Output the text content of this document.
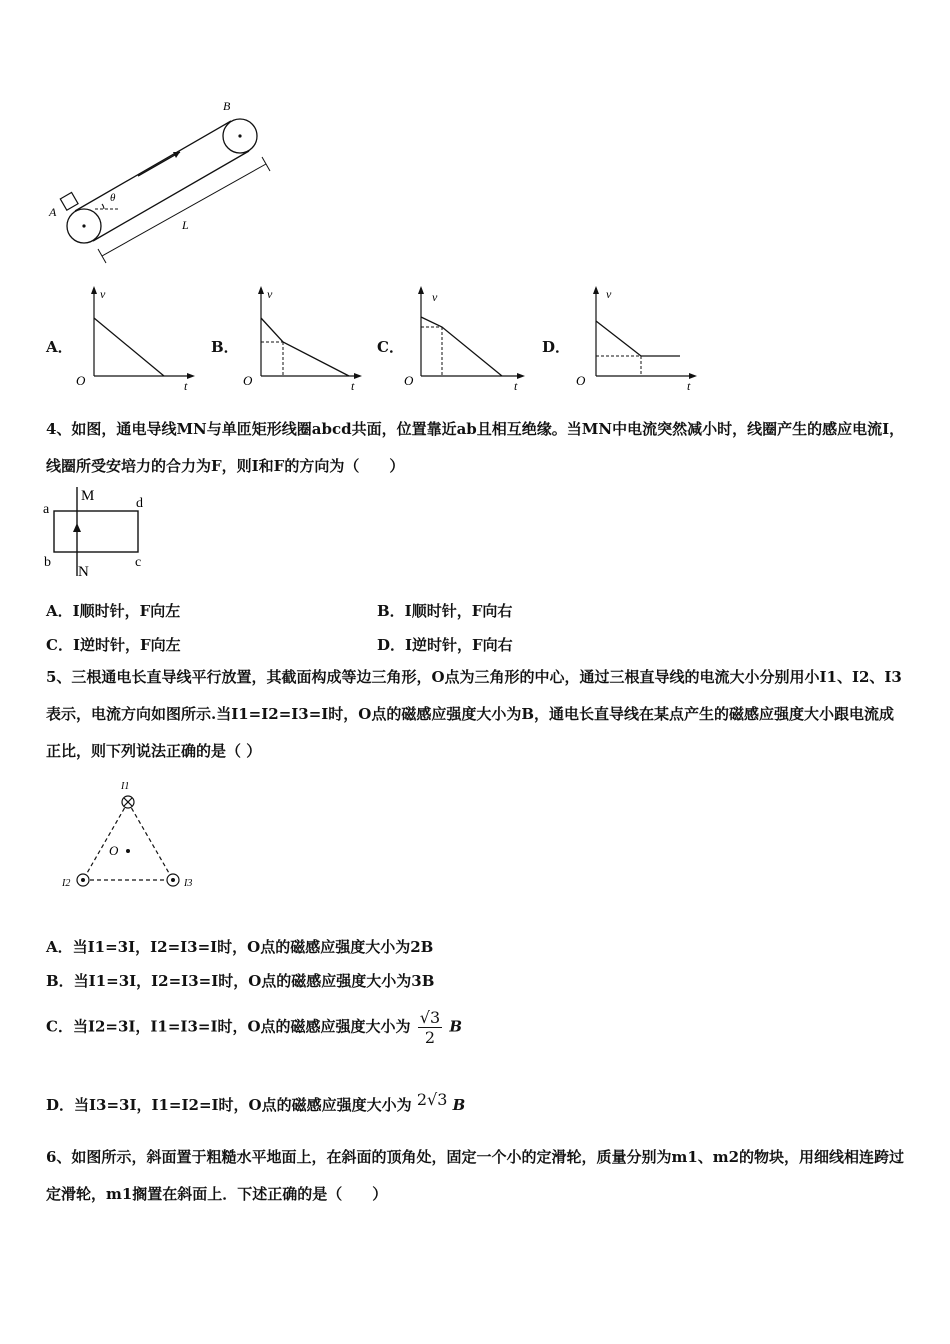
B
A
θ
L
A．
v
t
O
B．
v
t
O
C．
v
t
O
D．
v
t
O
4、如图，通电导线MN与单匝矩形线圈abcd共面，位置靠近ab且相互绝缘。当MN中电流突然减小时，线圈产生的感应电流I，线圈所受安培力的合力为F，则I和F的方向为（　　）
M
N
a
b	c
d
A．I顺时针，F向左	B．I顺时针，F向右
C．I逆时针，F向左	D．I逆时针，F向右
5、三根通电长直导线平行放置，其截面构成等边三角形，O点为三角形的中心，通过三根直导线的电流大小分别用小I1、I2、I3表示，电流方向如图所示.当I1=I2=I3=I时，O点的磁感应强度大小为B，通电长直导线在某点产生的磁感应强度大小跟电流成正比，则下列说法正确的是（ ）
O
I1
I2	I3
A．当I1=3I，I2=I3=I时，O点的磁感应强度大小为2B
B．当I1=3I，I2=I3=I时，O点的磁感应强度大小为3B
C．当I2=3I，I1=I3=I时，O点的磁感应强度大小为 $\frac{√3}{2}$ B
D．当I3=3I，I1=I2=I时，O点的磁感应强度大小为 2√3 B
6、如图所示，斜面置于粗糙水平地面上，在斜面的顶角处，固定一个小的定滑轮，质量分别为m1、m2的物块，用细线相连跨过定滑轮，m1搁置在斜面上．下述正确的是（　　）
